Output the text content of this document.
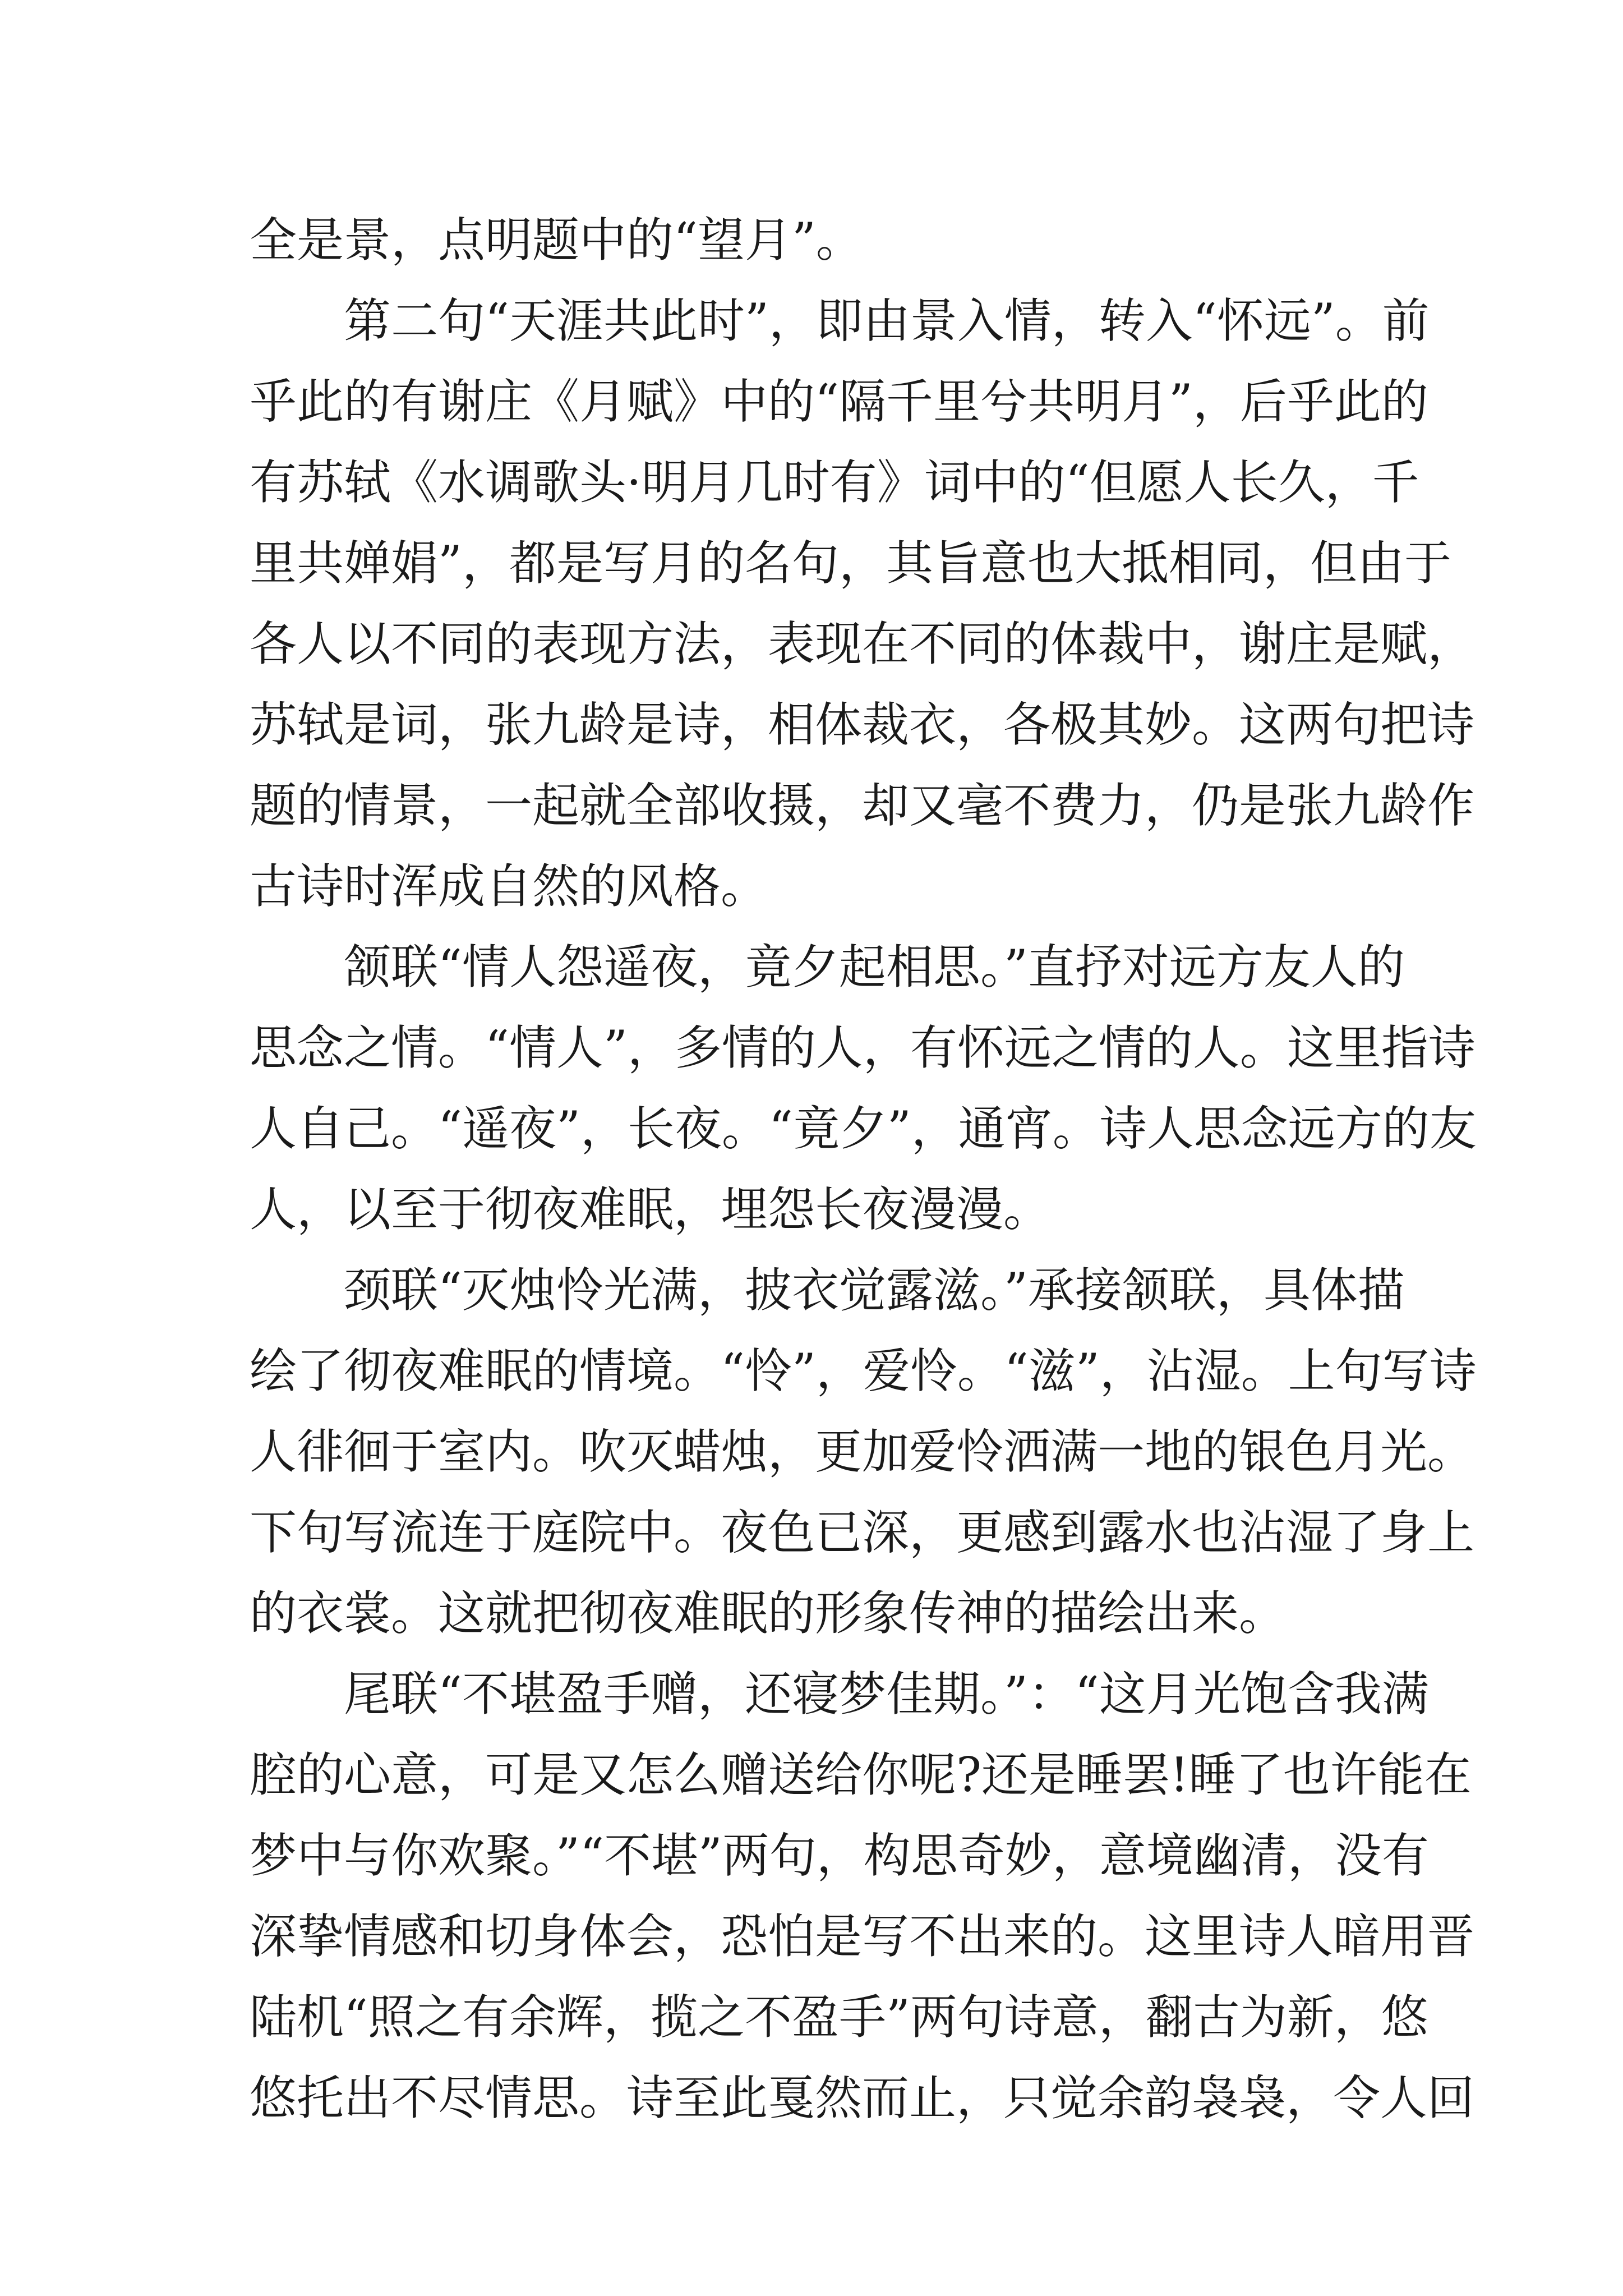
全是景，点明题中的“望月”。
第二句“天涯共此时”，即由景入情，转入“怀远”。前
乎此的有谢庄《月赋》中的“隔千里兮共明月”，后乎此的
有苏轼《水调歌头·明月几时有》词中的“但愿人长久，千
里共婵娟”，都是写月的名句，其旨意也大抵相同，但由于
各人以不同的表现方法，表现在不同的体裁中，谢庄是赋，
苏轼是词，张九龄是诗，相体裁衣，各极其妙。这两句把诗
题的情景，一起就全部收摄，却又毫不费力，仍是张九龄作
古诗时浑成自然的风格。
颔联“情人怨遥夜，竟夕起相思。”直抒对远方友人的
思念之情。“情人”，多情的人，有怀远之情的人。这里指诗
人自己。“遥夜”，长夜。“竟夕”，通宵。诗人思念远方的友
人，以至于彻夜难眠，埋怨长夜漫漫。
颈联“灭烛怜光满，披衣觉露滋。”承接颔联，具体描
绘了彻夜难眠的情境。“怜”，爱怜。“滋”，沾湿。上句写诗
人徘徊于室内。吹灭蜡烛，更加爱怜洒满一地的银色月光。
下句写流连于庭院中。夜色已深，更感到露水也沾湿了身上
的衣裳。这就把彻夜难眠的形象传神的描绘出来。
尾联“不堪盈手赠，还寝梦佳期。”：“这月光饱含我满
腔的心意，可是又怎么赠送给你呢?还是睡罢!睡了也许能在
梦中与你欢聚。”“不堪”两句，构思奇妙，意境幽清，没有
深挚情感和切身体会，恐怕是写不出来的。这里诗人暗用晋
陆机“照之有余辉，揽之不盈手”两句诗意，翻古为新，悠
悠托出不尽情思。诗至此戛然而止，只觉余韵袅袅，令人回
